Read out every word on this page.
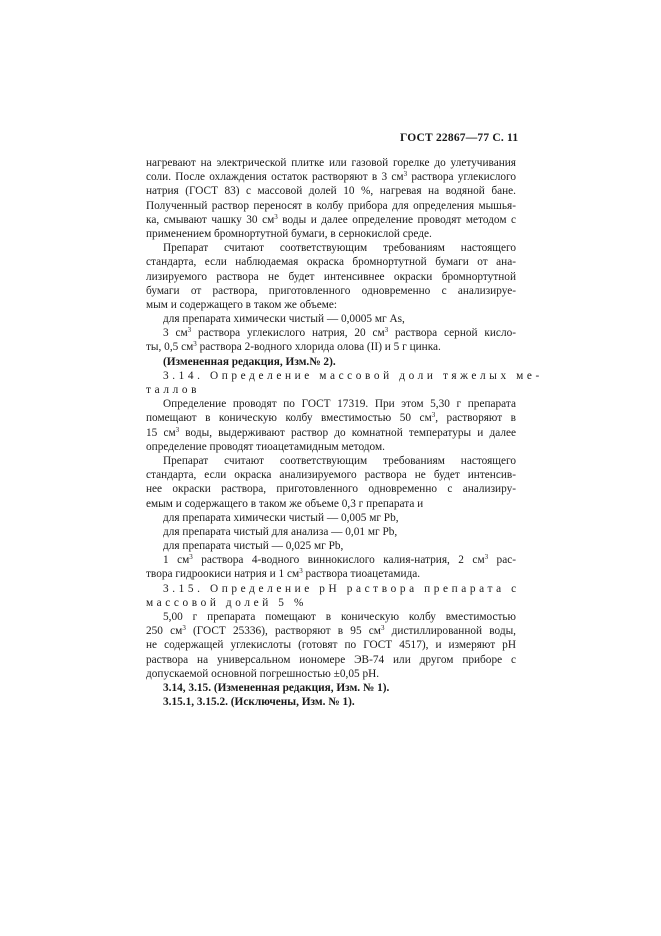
ГОСТ 22867—77 С. 11
нагревают на электрической плитке или газовой горелке до улетучивания
соли. После охлаждения остаток растворяют в 3 $см^3$ раствора углекислого
натрия (ГОСТ 83) с массовой долей 10 %, нагревая на водяной бане.
Полученный раствор переносят в колбу прибора для определения мышья-
ка, смывают чашку 30 $см^3$ воды и далее определение проводят методом с
применением бромнортутной бумаги, в сернокислой среде.
Препарат считают соответствующим требованиям настоящего
стандарта, если наблюдаемая окраска бромнортутной бумаги от ана-
лизируемого раствора не будет интенсивнее окраски бромнортутной
бумаги от раствора, приготовленного одновременно с анализируе-
мым и содержащего в таком же объеме:
для препарата химически чистый — 0,0005 мг As,
3 $см^3$ раствора углекислого натрия, 20 $см^3$ раствора серной кисло-
ты, 0,5 $см^3$ раствора 2-водного хлорида олова (II) и 5 г цинка.
(Измененная редакция, Изм.№ 2).
3.14. Определение массовой доли тяжелых ме-
таллов
Определение проводят по ГОСТ 17319. При этом 5,30 г препарата
помещают в коническую колбу вместимостью 50 $см^3$, растворяют в
15 $см^3$ воды, выдерживают раствор до комнатной температуры и далее
определение проводят тиоацетамидным методом.
Препарат считают соответствующим требованиям настоящего
стандарта, если окраска анализируемого раствора не будет интенсив-
нее окраски раствора, приготовленного одновременно с анализиру-
емым и содержащего в таком же объеме 0,3 г препарата и
для препарата химически чистый — 0,005 мг Pb,
для препарата чистый для анализа — 0,01 мг Pb,
для препарата чистый — 0,025 мг Pb,
1 $см^3$ раствора 4-водного виннокислого калия-натрия, 2 $см^3$ рас-
твора гидроокиси натрия и 1 $см^3$ раствора тиоацетамида.
3.15. Определение рН раствора препарата с
массовой долей 5 %
5,00 г препарата помещают в коническую колбу вместимостью
250 $см^3$ (ГОСТ 25336), растворяют в 95 $см^3$ дистиллированной воды,
не содержащей углекислоты (готовят по ГОСТ 4517), и измеряют рН
раствора на универсальном иономере ЭВ-74 или другом приборе с
допускаемой основной погрешностью ±0,05 рН.
3.14, 3.15. (Измененная редакция, Изм. № 1).
3.15.1, 3.15.2. (Исключены, Изм. № 1).
